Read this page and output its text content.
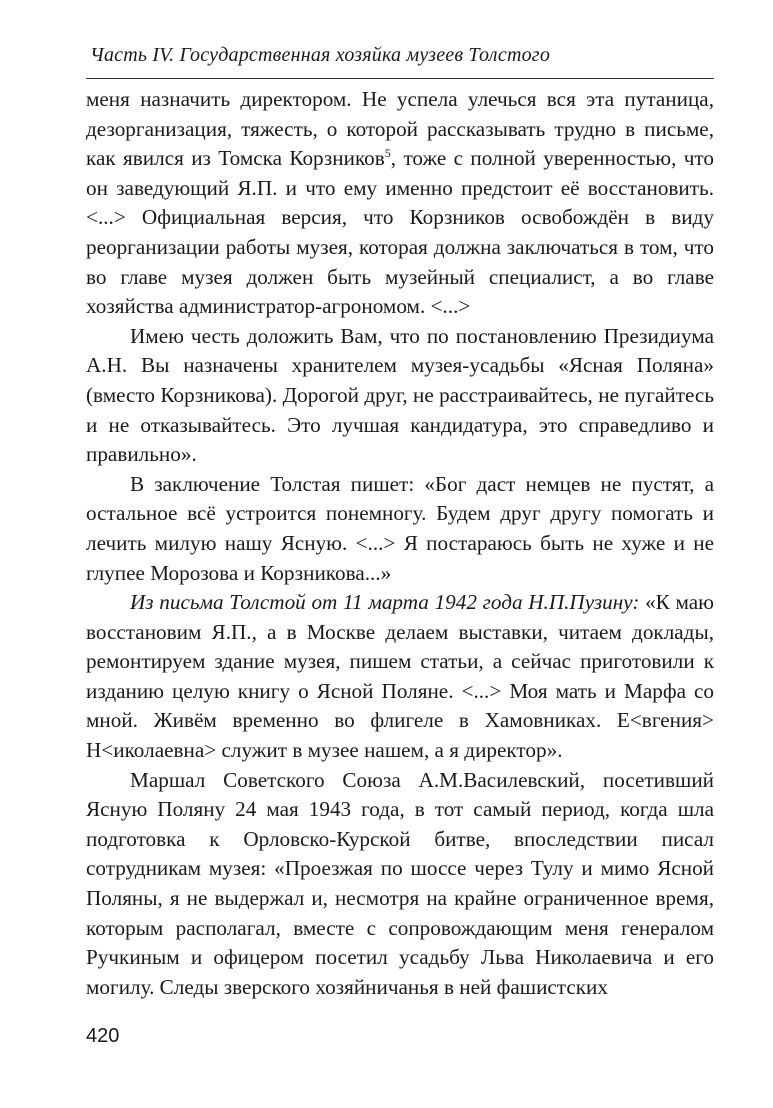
Часть IV. Государственная хозяйка музеев Толстого

меня назначить директором. Не успела улечься вся эта путаница, дезорганизация, тяжесть, о которой рассказывать трудно в письме, как явился из Томска Корзников$^5$, тоже с полной уверенностью, что он заведующий Я.П. и что ему именно предстоит её восстановить. <...> Официальная версия, что Корзников освобождён в виду реорганизации работы музея, которая должна заключаться в том, что во главе музея должен быть музейный специалист, а во главе хозяйства администратор-агрономом. <...>

Имею честь доложить Вам, что по постановлению Президиума А.Н. Вы назначены хранителем музея-усадьбы «Ясная Поляна» (вместо Корзникова). Дорогой друг, не расстраивайтесь, не пугайтесь и не отказывайтесь. Это лучшая кандидатура, это справедливо и правильно».

В заключение Толстая пишет: «Бог даст немцев не пустят, а остальное всё устроится понемногу. Будем друг другу помогать и лечить милую нашу Ясную. <...> Я постараюсь быть не хуже и не глупее Морозова и Корзникова...»

Из письма Толстой от 11 марта 1942 года Н.П.Пузину: «К маю восстановим Я.П., а в Москве делаем выставки, читаем доклады, ремонтируем здание музея, пишем статьи, а сейчас приготовили к изданию целую книгу о Ясной Поляне. <...> Моя мать и Марфа со мной. Живём временно во флигеле в Хамовниках. Е<вгения> Н<иколаевна> служит в музее нашем, а я директор».

Маршал Советского Союза А.М.Василевский, посетивший Ясную Поляну 24 мая 1943 года, в тот самый период, когда шла подготовка к Орловско-Курской битве, впоследствии писал сотрудникам музея: «Проезжая по шоссе через Тулу и мимо Ясной Поляны, я не выдержал и, несмотря на крайне ограниченное время, которым располагал, вместе с сопровождающим меня генералом Ручкиным и офицером посетил усадьбу Льва Николаевича и его могилу. Следы зверского хозяйничанья в ней фашистских

420
